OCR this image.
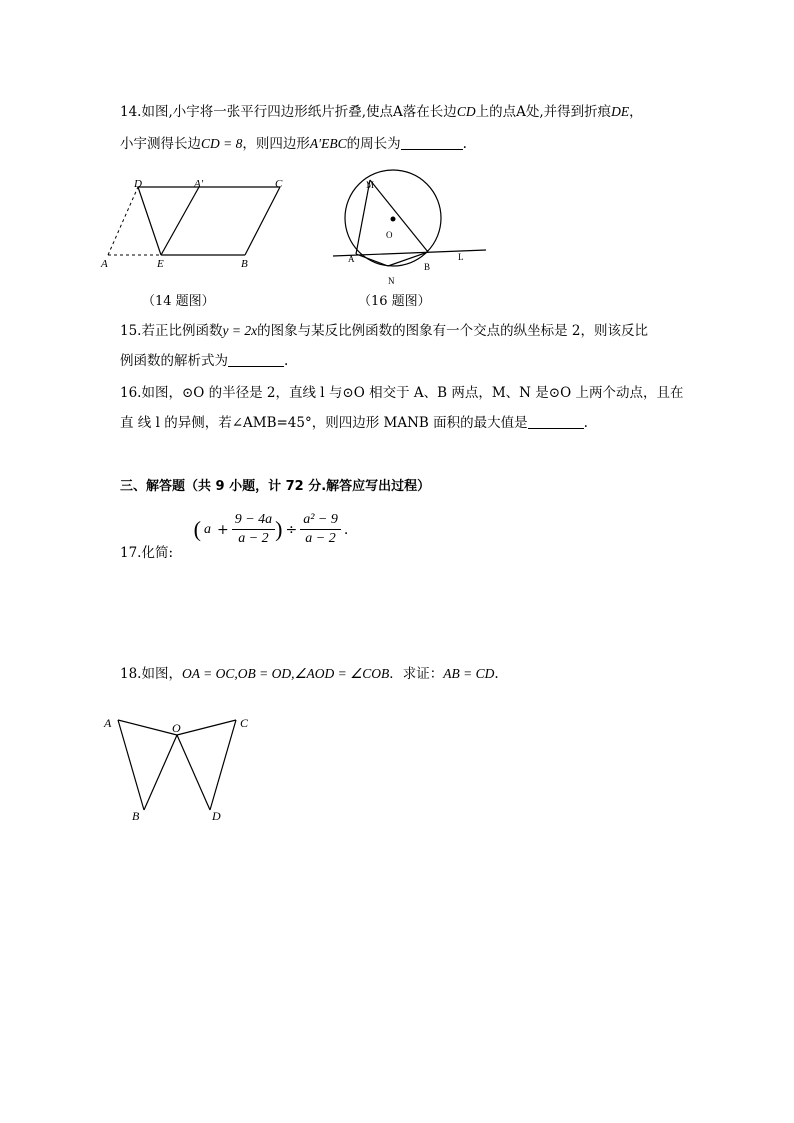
14.如图,小宇将一张平行四边形纸片折叠,使点A落在长边CD上的点A处,并得到折痕DE，
小宇测得长边CD = 8，则四边形A′EBC的周长为	.
D	A′	C
A	E	B
（14 题图）
M
O
A
N
B
L
（16 题图）
15.若正比例函数y = 2x的图象与某反比例函数的图象有一个交点的纵坐标是 2，则该反比
例函数的解析式为	.
16.如图，⊙O 的半径是 2，直线 l 与⊙O 相交于 A、B 两点，M、N 是⊙O 上两个动点，且在
直 线 l 的异侧，若∠AMB=45°，则四边形 MANB 面积的最大值是	.
三、解答题（共 9 小题，计 72 分.解答应写出过程）
17.化简:  ( $a + \frac{9 - 4a}{a - 2}$ ) ÷ $\frac{\text{a² − 9}}{a - 2}$ .
18.如图，OA = OC,OB = OD,∠AOD = ∠COB．求证：AB = CD.
A	O	C
B	D
